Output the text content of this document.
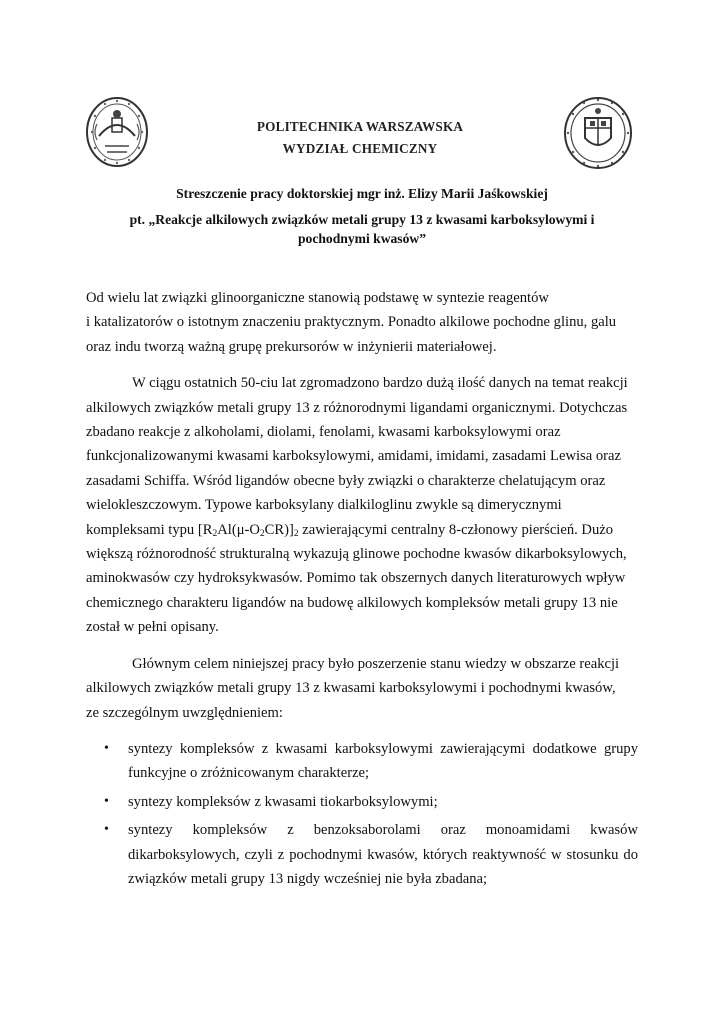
POLITECHNIKA WARSZAWSKA
WYDZIAŁ CHEMICZNY
Streszczenie pracy doktorskiej mgr inż. Elizy Marii Jaśkowskiej
pt. „Reakcje alkilowych związków metali grupy 13 z kwasami karboksylowymi i
pochodnymi kwasów”

Od wielu lat związki glinoorganiczne stanowią podstawę w syntezie reagentów
i katalizatorów o istotnym znaczeniu praktycznym. Ponadto alkilowe pochodne glinu, galu
oraz indu tworzą ważną grupę prekursorów w inżynierii materiałowej.

W ciągu ostatnich 50-ciu lat zgromadzono bardzo dużą ilość danych na temat reakcji
alkilowych związków metali grupy 13 z różnorodnymi ligandami organicznymi. Dotychczas
zbadano reakcje z alkoholami, diolami, fenolami, kwasami karboksylowymi oraz
funkcjonalizowanymi kwasami karboksylowymi, amidami, imidami, zasadami Lewisa oraz
zasadami Schiffa. Wśród ligandów obecne były związki o charakterze chelatującym oraz
wielokleszczowym. Typowe karboksylany dialkiloglinu zwykle są dimerycznymi
kompleksami typu $[R_2Al(\mu-O_2CR)]_2$ zawierającymi centralny 8-członowy pierścień. Dużo
większą różnorodność strukturalną wykazują glinowe pochodne kwasów dikarboksylowych,
aminokwasów czy hydroksykwasów. Pomimo tak obszernych danych literaturowych wpływ
chemicznego charakteru ligandów na budowę alkilowych kompleksów metali grupy 13 nie
został w pełni opisany.

Głównym celem niniejszej pracy było poszerzenie stanu wiedzy w obszarze reakcji
alkilowych związków metali grupy 13 z kwasami karboksylowymi i pochodnymi kwasów,
ze szczególnym uwzględnieniem:

• syntezy kompleksów z kwasami karboksylowymi zawierającymi dodatkowe grupy
funkcyjne o zróżnicowanym charakterze;
• syntezy kompleksów z kwasami tiokarboksylowymi;
• syntezy kompleksów z benzoksaborolami oraz monoamidami kwasów
dikarboksylowych, czyli z pochodnymi kwasów, których reaktywność w stosunku do
związków metali grupy 13 nigdy wcześniej nie była zbadana;
